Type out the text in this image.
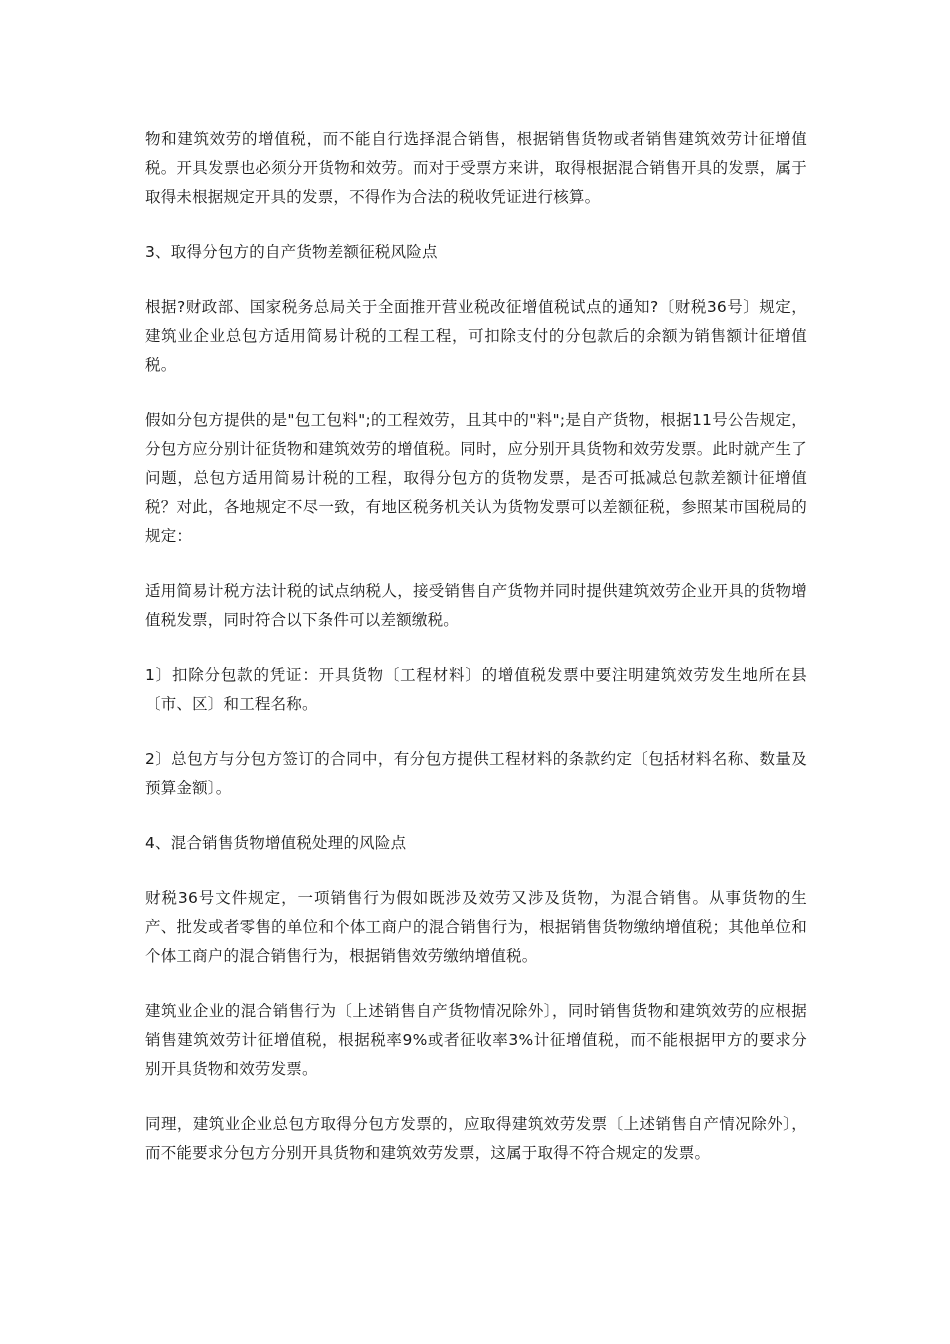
物和建筑效劳的增值税，而不能自行选择混合销售，根据销售货物或者销售建筑效劳计征增值税。开具发票也必须分开货物和效劳。而对于受票方来讲，取得根据混合销售开具的发票，属于取得未根据规定开具的发票，不得作为合法的税收凭证进行核算。

3、取得分包方的自产货物差额征税风险点

根据?财政部、国家税务总局关于全面推开营业税改征增值税试点的通知?〔财税36号〕规定，建筑业企业总包方适用简易计税的工程工程，可扣除支付的分包款后的余额为销售额计征增值税。

假如分包方提供的是"包工包料";的工程效劳，且其中的"料";是自产货物，根据11号公告规定，分包方应分别计征货物和建筑效劳的增值税。同时，应分别开具货物和效劳发票。此时就产生了问题，总包方适用简易计税的工程，取得分包方的货物发票，是否可抵减总包款差额计征增值税？对此，各地规定不尽一致，有地区税务机关认为货物发票可以差额征税，参照某市国税局的规定：

适用简易计税方法计税的试点纳税人，接受销售自产货物并同时提供建筑效劳企业开具的货物增值税发票，同时符合以下条件可以差额缴税。

1〕扣除分包款的凭证：开具货物〔工程材料〕的增值税发票中要注明建筑效劳发生地所在县〔市、区〕和工程名称。

2〕总包方与分包方签订的合同中，有分包方提供工程材料的条款约定〔包括材料名称、数量及预算金额〕。

4、混合销售货物增值税处理的风险点

财税36号文件规定，一项销售行为假如既涉及效劳又涉及货物，为混合销售。从事货物的生产、批发或者零售的单位和个体工商户的混合销售行为，根据销售货物缴纳增值税；其他单位和个体工商户的混合销售行为，根据销售效劳缴纳增值税。

建筑业企业的混合销售行为〔上述销售自产货物情况除外〕，同时销售货物和建筑效劳的应根据销售建筑效劳计征增值税，根据税率9%或者征收率3%计征增值税，而不能根据甲方的要求分别开具货物和效劳发票。

同理，建筑业企业总包方取得分包方发票的，应取得建筑效劳发票〔上述销售自产情况除外〕，而不能要求分包方分别开具货物和建筑效劳发票，这属于取得不符合规定的发票。
